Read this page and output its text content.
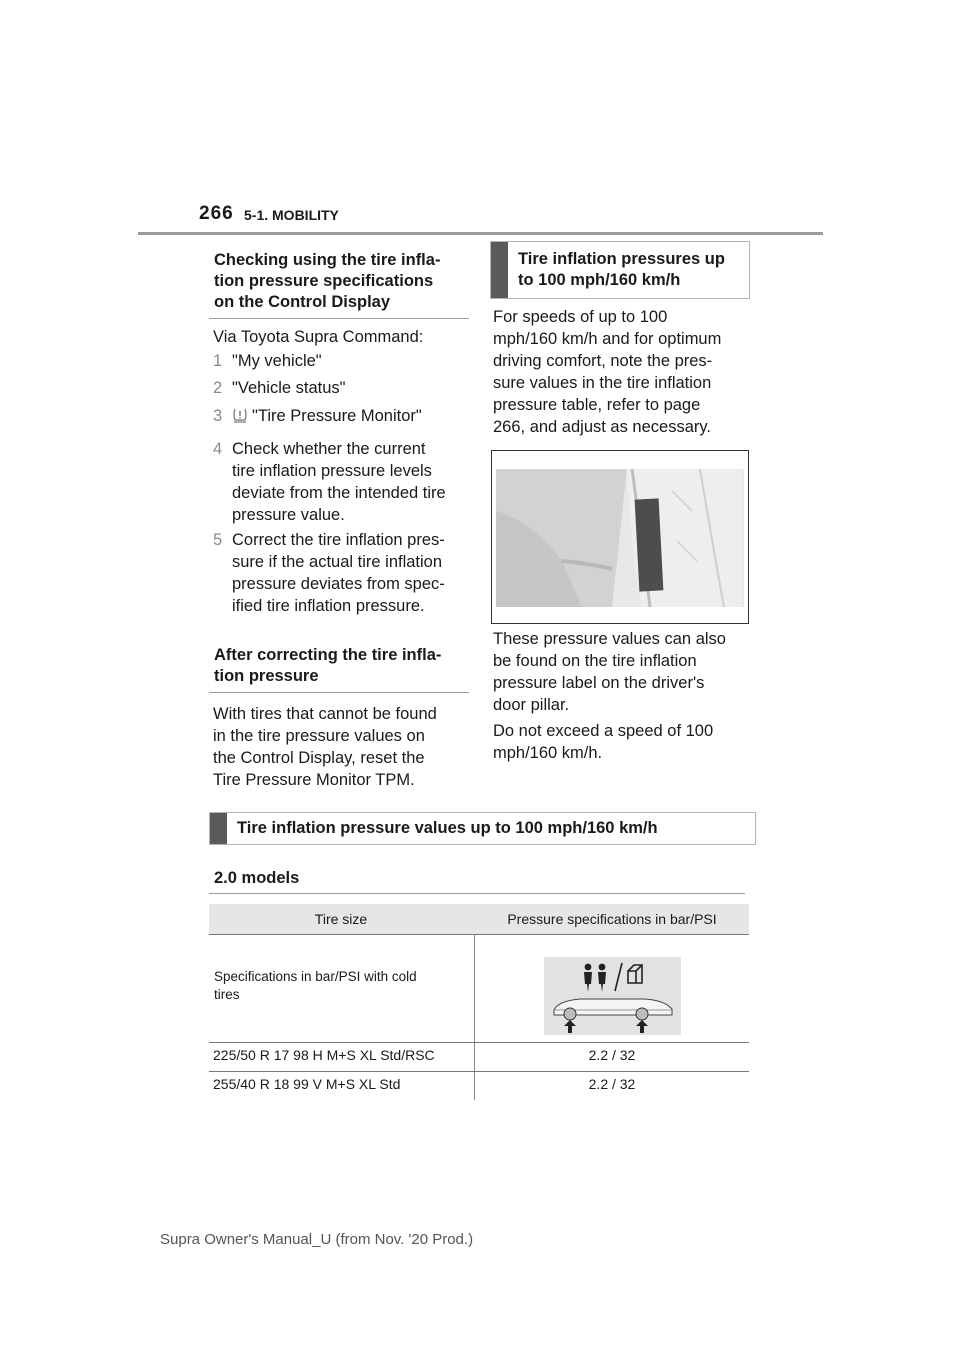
266 5-1. MOBILITY
Checking using the tire infla-
tion pressure specifications
on the Control Display
Via Toyota Supra Command:
1 "My vehicle"
2 "Vehicle status"
3	"Tire Pressure Monitor"
4 Check whether the current
tire inflation pressure levels
deviate from the intended tire
pressure value.
5 Correct the tire inflation pres-
sure if the actual tire inflation
pressure deviates from spec-
ified tire inflation pressure.
After correcting the tire infla-
tion pressure
With tires that cannot be found
in the tire pressure values on
the Control Display, reset the
Tire Pressure Monitor TPM.
Tire inflation pressures up
to 100 mph/160 km/h
For speeds of up to 100
mph/160 km/h and for optimum
driving comfort, note the pres-
sure values in the tire inflation
pressure table, refer to page
266, and adjust as necessary.
These pressure values can also
be found on the tire inflation
pressure label on the driver's
door pillar.
Do not exceed a speed of 100
mph/160 km/h.
Tire inflation pressure values up to 100 mph/160 km/h
2.0 models
Tire size	Pressure specifications in bar/PSI
Specifications in bar/PSI with cold
tires
225/50 R 17 98 H M+S XL Std/RSC	2.2 / 32
255/40 R 18 99 V M+S XL Std	2.2 / 32
Supra Owner's Manual_U (from Nov. '20 Prod.)
